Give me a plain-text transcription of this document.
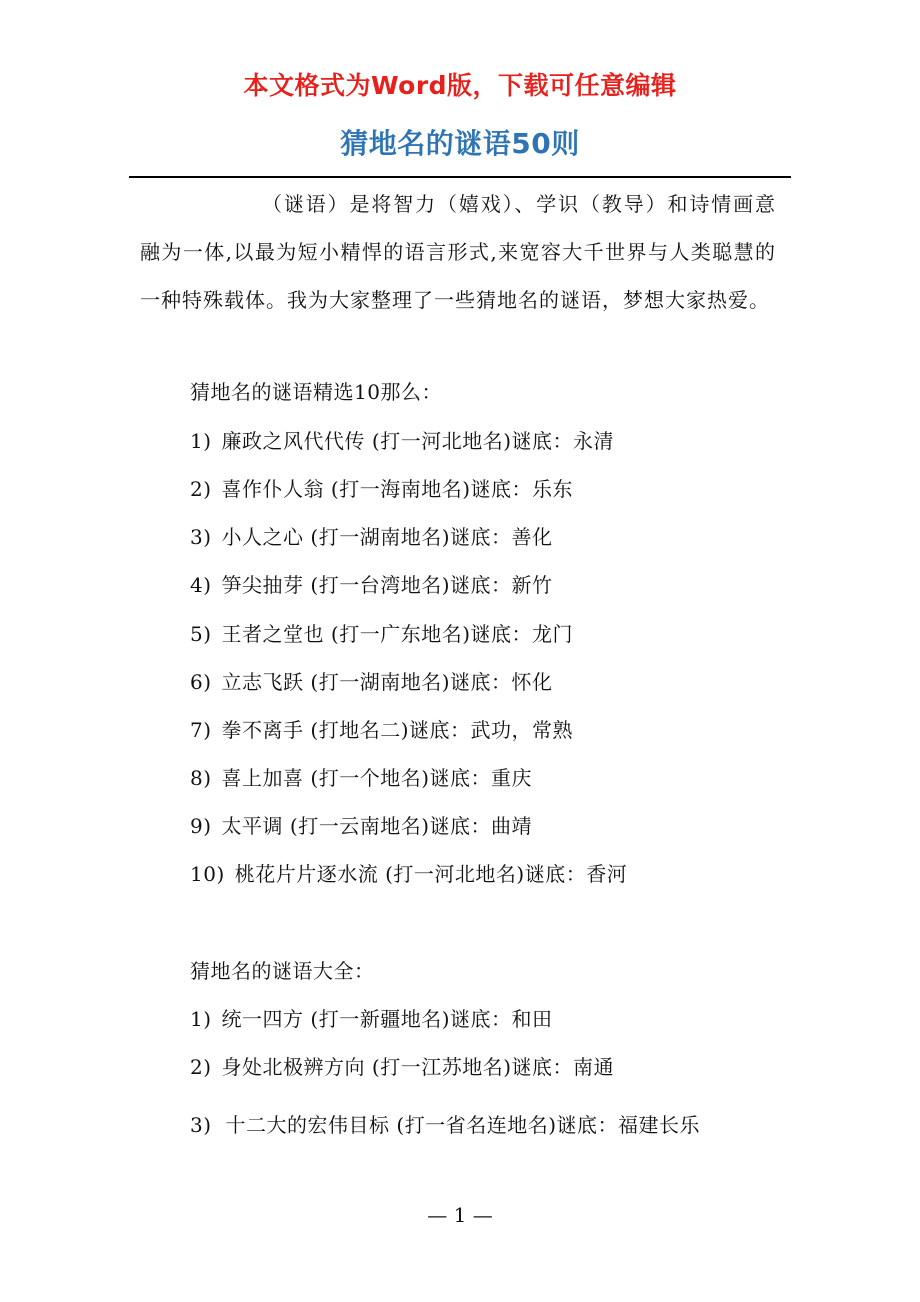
本文格式为Word版，下载可任意编辑
猜地名的谜语50则

（谜语）是将智力（嬉戏）、学识（教导）和诗情画意融为一体,以最为短小精悍的语言形式,来宽容大千世界与人类聪慧的一种特殊载体。我为大家整理了一些猜地名的谜语，梦想大家热爱。

猜地名的谜语精选10那么：
1) 廉政之风代代传 (打一河北地名)谜底：永清
2) 喜作仆人翁 (打一海南地名)谜底：乐东
3) 小人之心 (打一湖南地名)谜底：善化
4) 笋尖抽芽 (打一台湾地名)谜底：新竹
5) 王者之堂也 (打一广东地名)谜底：龙门
6) 立志飞跃 (打一湖南地名)谜底：怀化
7) 拳不离手 (打地名二)谜底：武功，常熟
8) 喜上加喜 (打一个地名)谜底：重庆
9) 太平调 (打一云南地名)谜底：曲靖
10) 桃花片片逐水流 (打一河北地名)谜底：香河
猜地名的谜语大全：
1) 统一四方 (打一新疆地名)谜底：和田
2) 身处北极辨方向 (打一江苏地名)谜底：南通
3) 十二大的宏伟目标 (打一省名连地名)谜底：福建长乐
— 1 —
